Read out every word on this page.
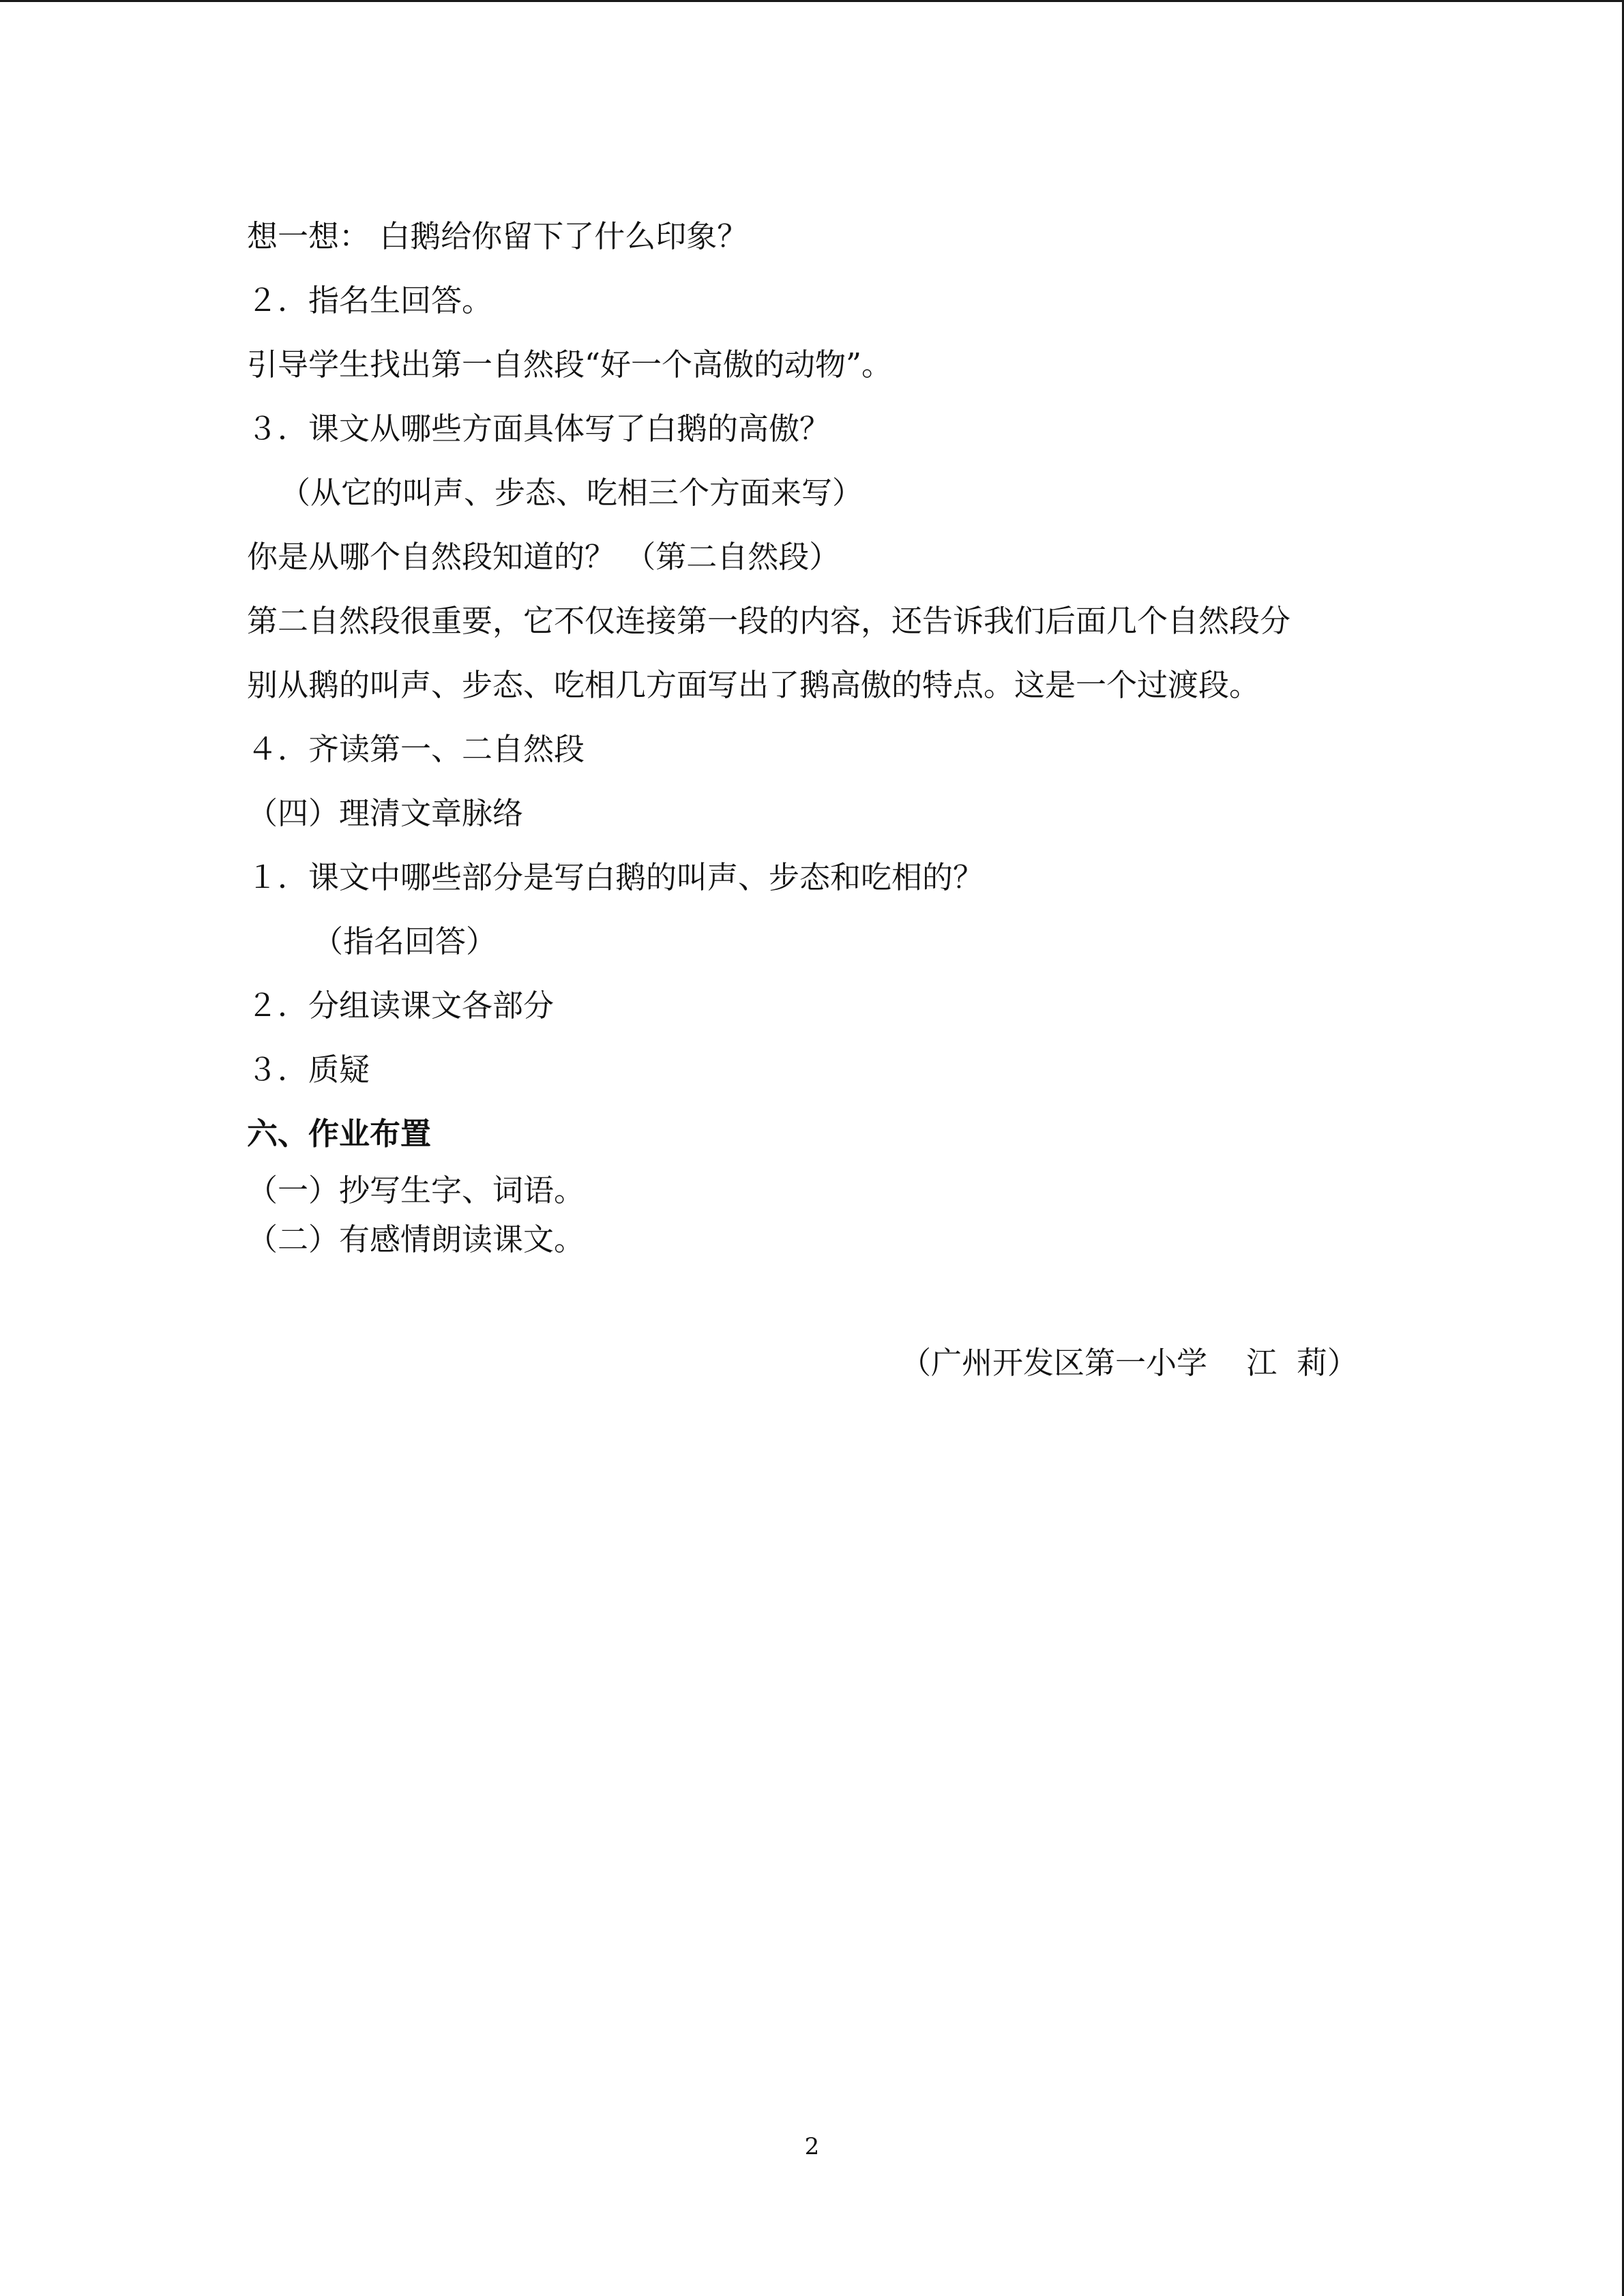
想一想： 白鹅给你留下了什么印象？
２．指名生回答。
引导学生找出第一自然段“好一个高傲的动物”。
３．课文从哪些方面具体写了白鹅的高傲？
（从它的叫声、步态、吃相三个方面来写）
你是从哪个自然段知道的？ （第二自然段）
第二自然段很重要，它不仅连接第一段的内容，还告诉我们后面几个自然段分
别从鹅的叫声、步态、吃相几方面写出了鹅高傲的特点。这是一个过渡段。
４．齐读第一、二自然段
（四）理清文章脉络
１．课文中哪些部分是写白鹅的叫声、步态和吃相的？
（指名回答）
２．分组读课文各部分
３．质疑
六、作业布置
（一）抄写生字、词语。
（二）有感情朗读课文。
（广州开发区第一小学    江  莉）
2
